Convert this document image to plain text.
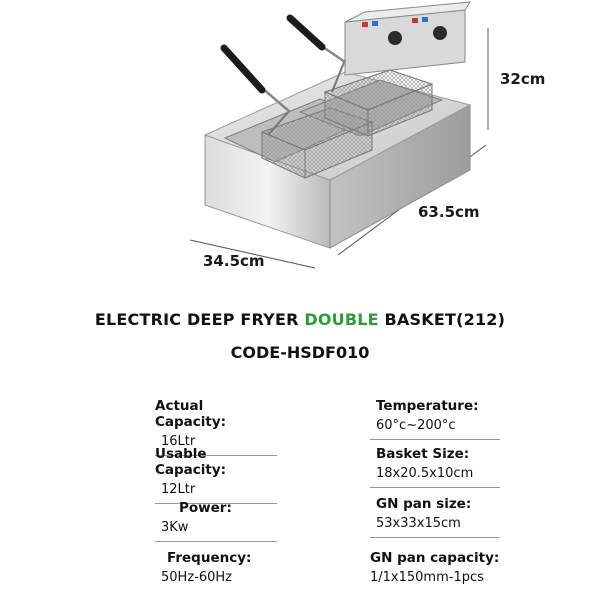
32cm
63.5cm
34.5cm
ELECTRIC DEEP FRYER DOUBLE BASKET(212)
CODE-HSDF010
Actual Capacity:
16Ltr
Usable Capacity:
12Ltr
Power:
3Kw
Frequency:
50Hz-60Hz
Temperature:
60°c~200°c
Basket Size:
18x20.5x10cm
GN pan size:
53x33x15cm
GN pan capacity:
1/1x150mm-1pcs
